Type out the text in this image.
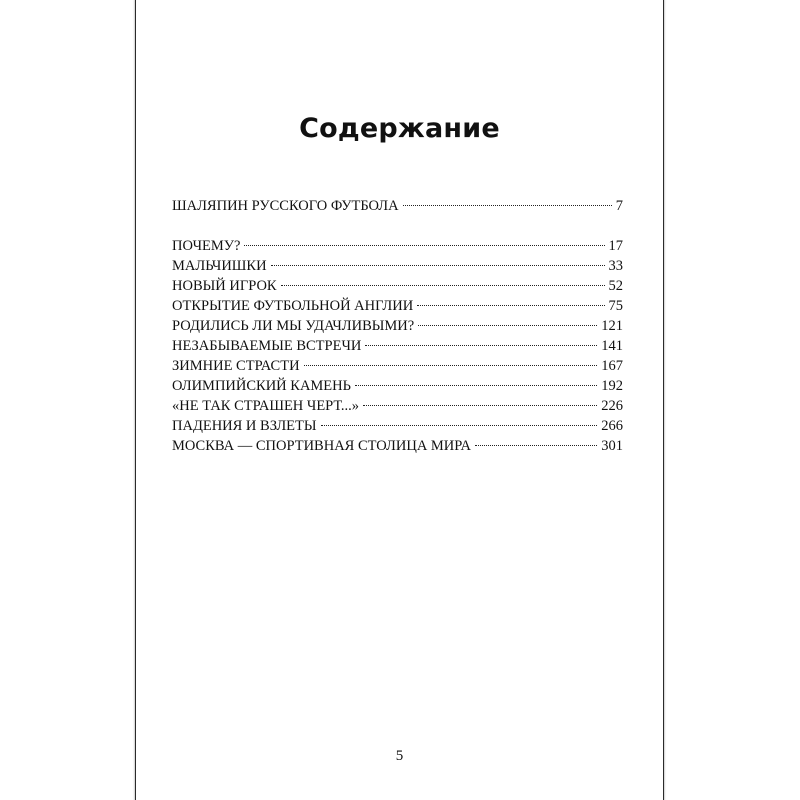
Содержание
ШАЛЯПИН РУССКОГО ФУТБОЛА	7
ПОЧЕМУ?	17
МАЛЬЧИШКИ	33
НОВЫЙ ИГРОК	52
ОТКРЫТИЕ ФУТБОЛЬНОЙ АНГЛИИ	75
РОДИЛИСЬ ЛИ МЫ УДАЧЛИВЫМИ?	121
НЕЗАБЫВАЕМЫЕ ВСТРЕЧИ	141
ЗИМНИЕ СТРАСТИ	167
ОЛИМПИЙСКИЙ КАМЕНЬ	192
«НЕ ТАК СТРАШЕН ЧЕРТ...»	226
ПАДЕНИЯ И ВЗЛЕТЫ	266
МОСКВА — СПОРТИВНАЯ СТОЛИЦА МИРА	301
5
